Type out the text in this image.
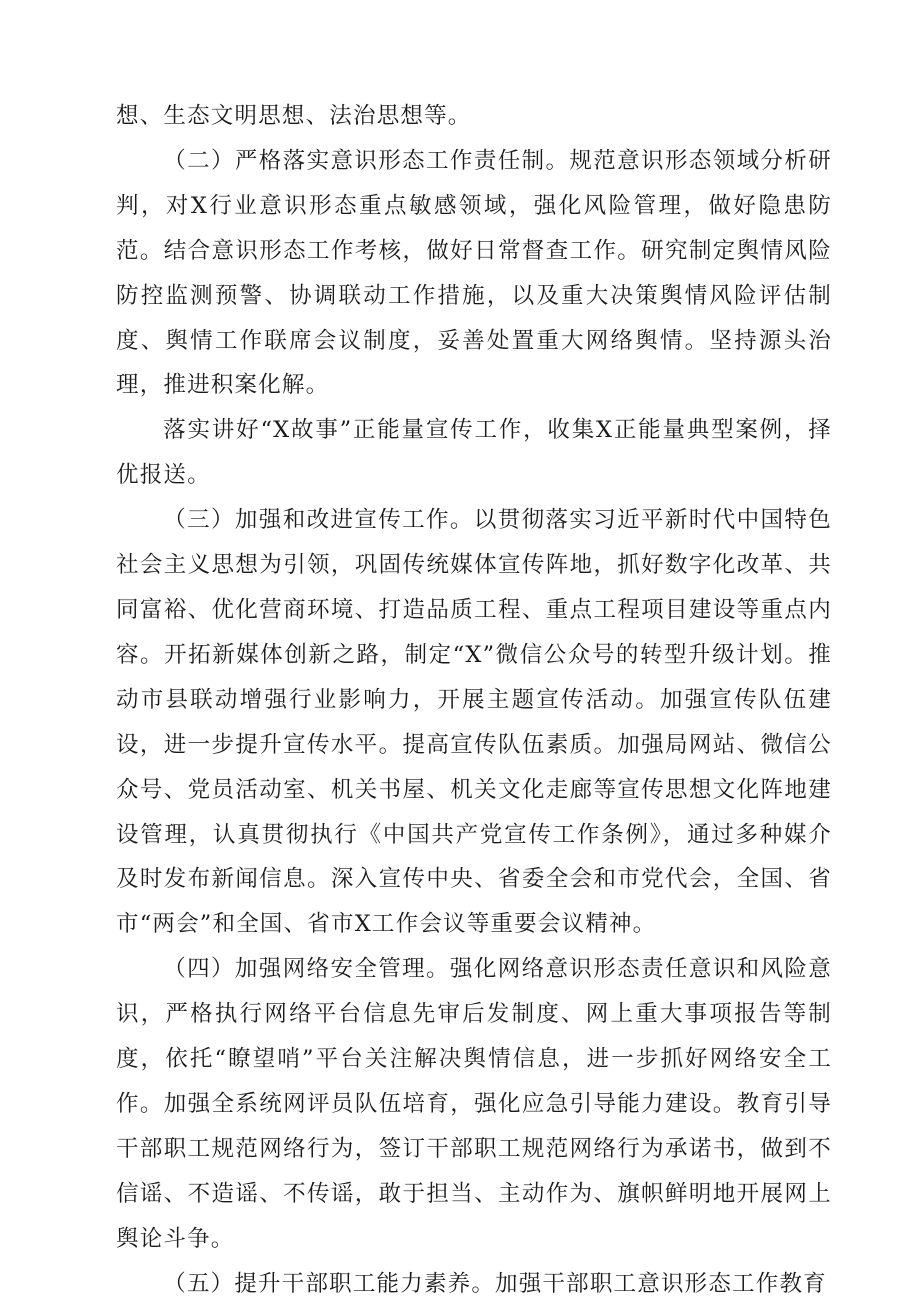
想、生态文明思想、法治思想等。

（二）严格落实意识形态工作责任制。规范意识形态领域分析研判，对X行业意识形态重点敏感领域，强化风险管理，做好隐患防范。结合意识形态工作考核，做好日常督查工作。研究制定舆情风险防控监测预警、协调联动工作措施，以及重大决策舆情风险评估制度、舆情工作联席会议制度，妥善处置重大网络舆情。坚持源头治理，推进积案化解。

落实讲好“X故事”正能量宣传工作，收集X正能量典型案例，择优报送。

（三）加强和改进宣传工作。以贯彻落实习近平新时代中国特色社会主义思想为引领，巩固传统媒体宣传阵地，抓好数字化改革、共同富裕、优化营商环境、打造品质工程、重点工程项目建设等重点内容。开拓新媒体创新之路，制定“X”微信公众号的转型升级计划。推动市县联动增强行业影响力，开展主题宣传活动。加强宣传队伍建设，进一步提升宣传水平。提高宣传队伍素质。加强局网站、微信公众号、党员活动室、机关书屋、机关文化走廊等宣传思想文化阵地建设管理，认真贯彻执行《中国共产党宣传工作条例》，通过多种媒介及时发布新闻信息。深入宣传中央、省委全会和市党代会，全国、省市“两会”和全国、省市X工作会议等重要会议精神。

（四）加强网络安全管理。强化网络意识形态责任意识和风险意识，严格执行网络平台信息先审后发制度、网上重大事项报告等制度，依托“瞭望哨”平台关注解决舆情信息，进一步抓好网络安全工作。加强全系统网评员队伍培育，强化应急引导能力建设。教育引导干部职工规范网络行为，签订干部职工规范网络行为承诺书，做到不信谣、不造谣、不传谣，敢于担当、主动作为、旗帜鲜明地开展网上舆论斗争。

（五）提升干部职工能力素养。加强干部职工意识形态工作教育
